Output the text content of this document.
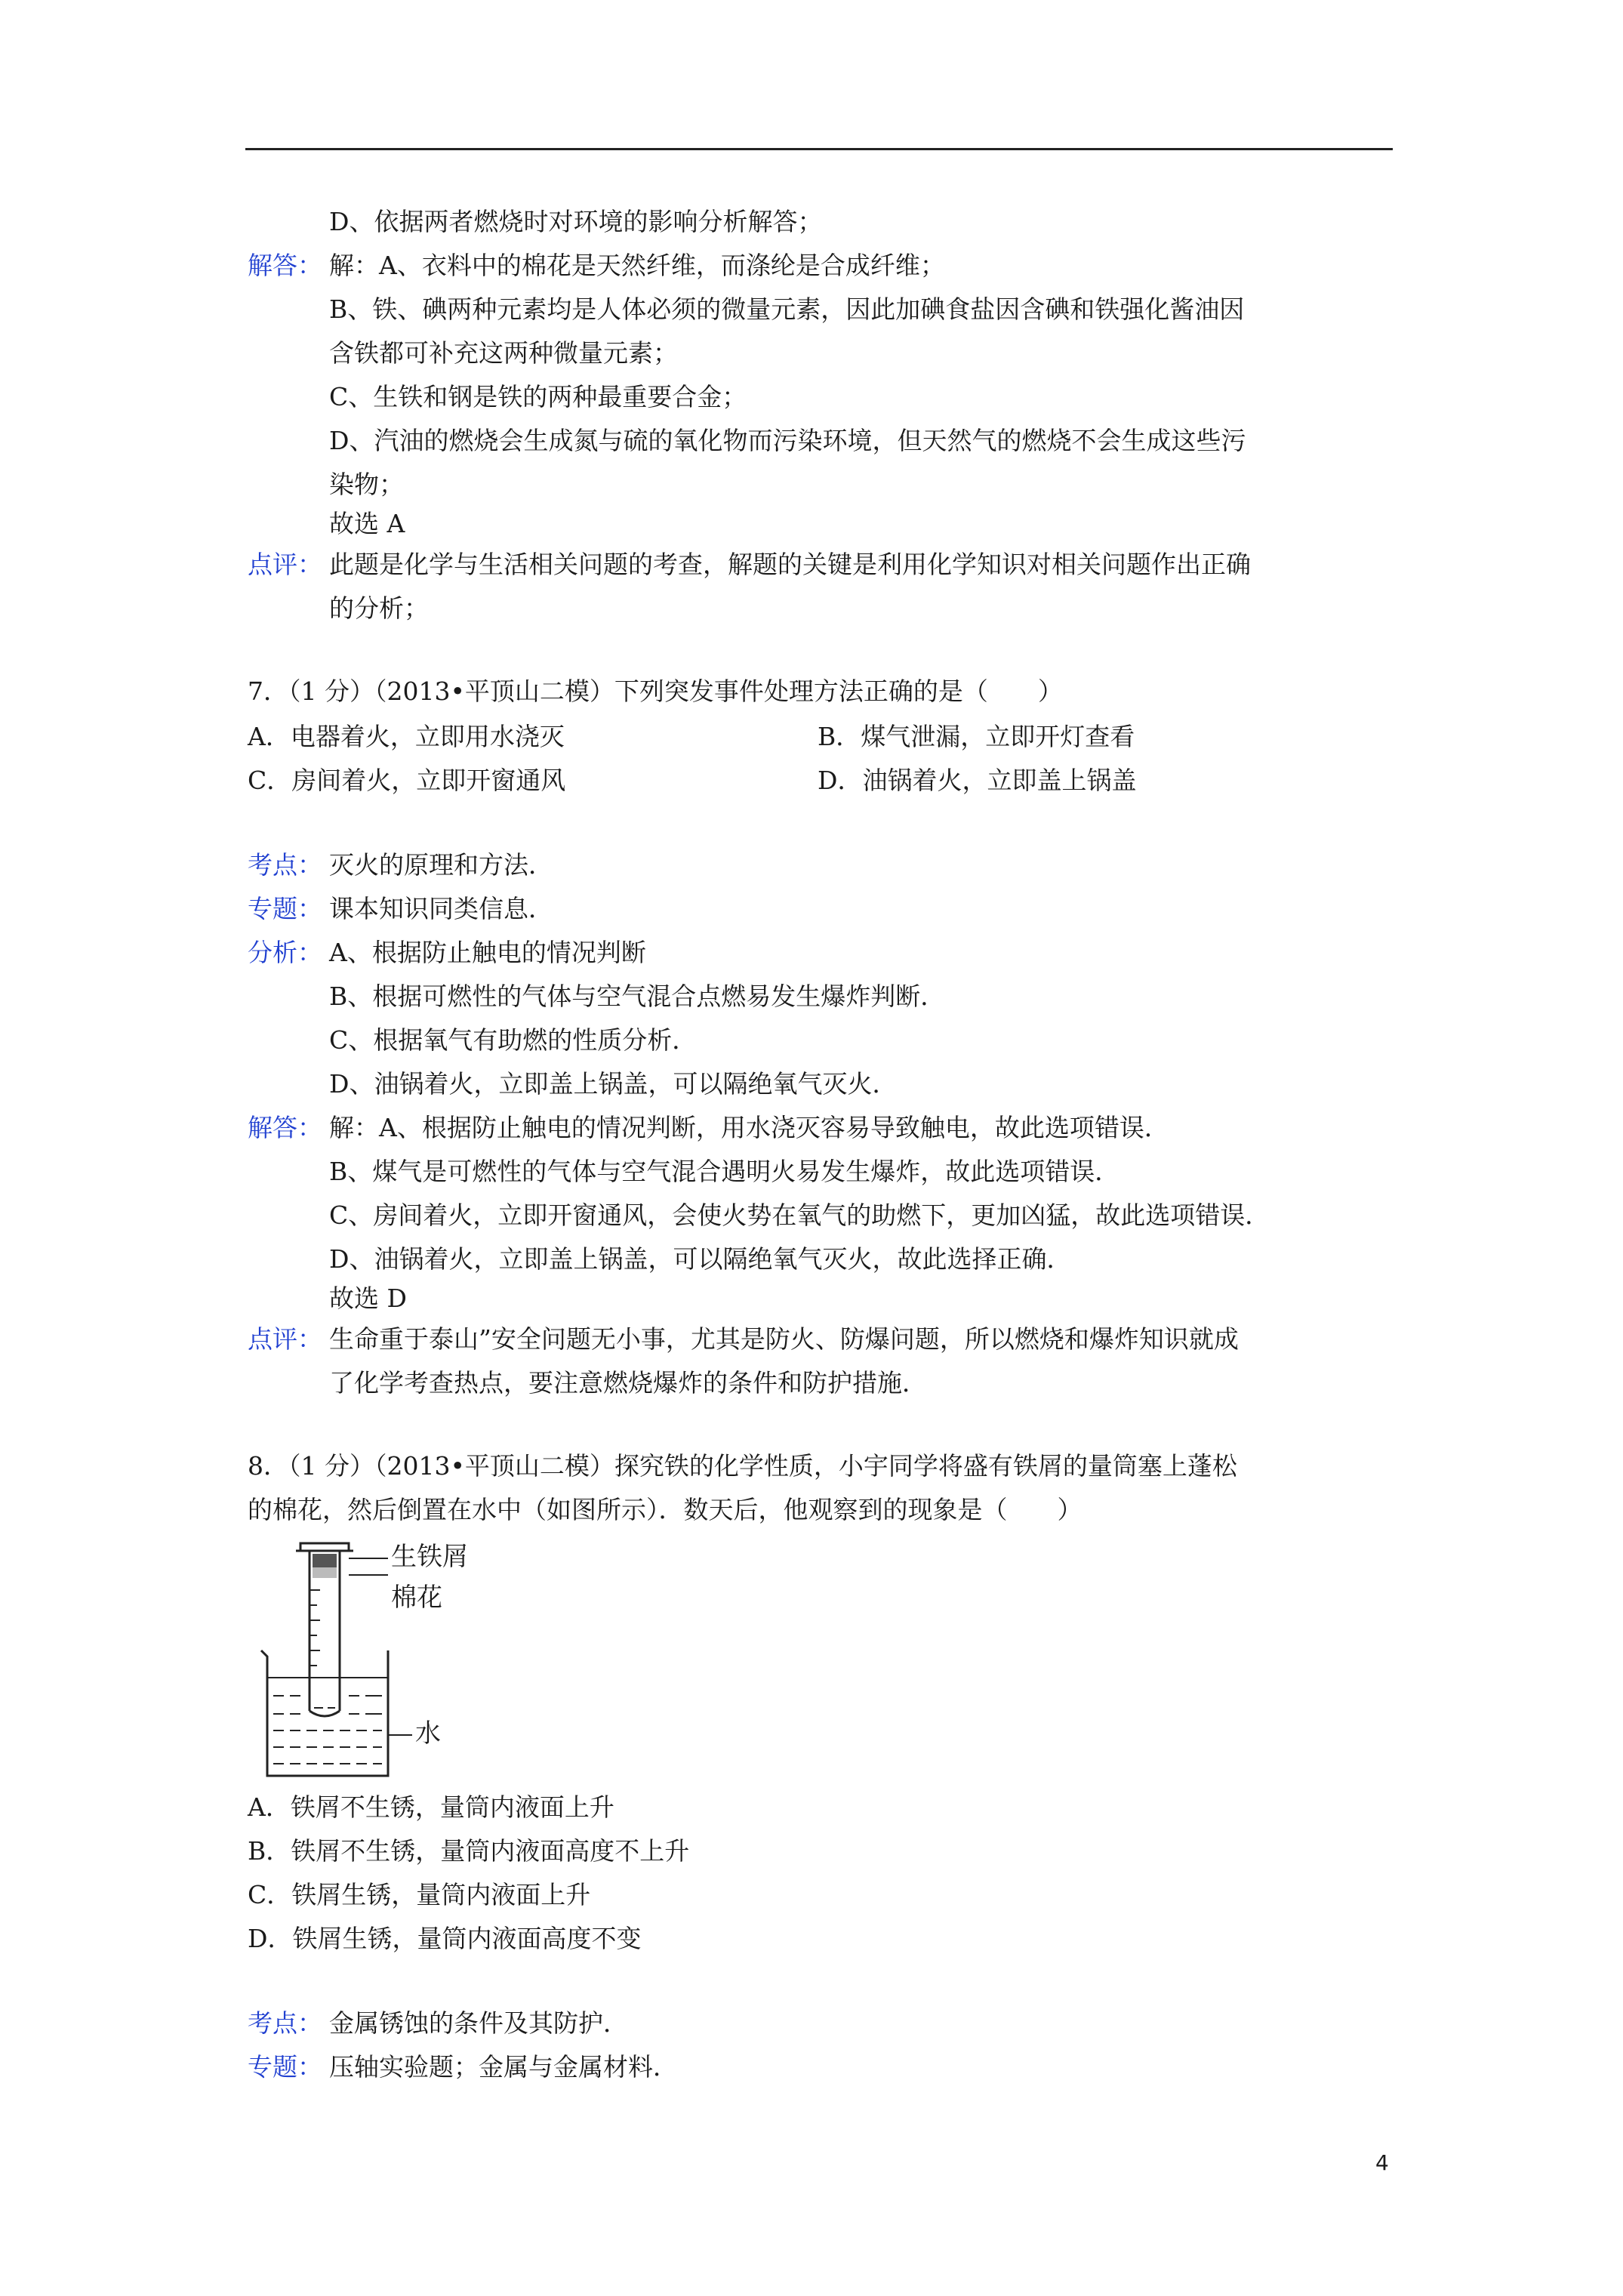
D、依据两者燃烧时对环境的影响分析解答；
解答： 解：A、衣料中的棉花是天然纤维，而涤纶是合成纤维；
B、铁、碘两种元素均是人体必须的微量元素，因此加碘食盐因含碘和铁强化酱油因
含铁都可补充这两种微量元素；
C、生铁和钢是铁的两种最重要合金；
D、汽油的燃烧会生成氮与硫的氧化物而污染环境，但天然气的燃烧不会生成这些污
染物；
故选 A
点评： 此题是化学与生活相关问题的考查，解题的关键是利用化学知识对相关问题作出正确
的分析；
7．（1 分）（2013•平顶山二模）下列突发事件处理方法正确的是（　　）
A．电器着火，立即用水浇灭	B．煤气泄漏，立即开灯查看
C．房间着火，立即开窗通风	D．油锅着火，立即盖上锅盖
考点： 灭火的原理和方法．
专题： 课本知识同类信息．
分析： A、根据防止触电的情况判断
B、根据可燃性的气体与空气混合点燃易发生爆炸判断．
C、根据氧气有助燃的性质分析．
D、油锅着火，立即盖上锅盖，可以隔绝氧气灭火．
解答： 解：A、根据防止触电的情况判断，用水浇灭容易导致触电，故此选项错误．
B、煤气是可燃性的气体与空气混合遇明火易发生爆炸，故此选项错误．
C、房间着火，立即开窗通风，会使火势在氧气的助燃下，更加凶猛，故此选项错误．
D、油锅着火，立即盖上锅盖，可以隔绝氧气灭火，故此选择正确．
故选 D
点评： 生命重于泰山”安全问题无小事，尤其是防火、防爆问题，所以燃烧和爆炸知识就成
了化学考查热点，要注意燃烧爆炸的条件和防护措施．
8．（1 分）（2013•平顶山二模）探究铁的化学性质，小宇同学将盛有铁屑的量筒塞上蓬松
的棉花，然后倒置在水中（如图所示）．数天后，他观察到的现象是（　　）
生铁屑
棉花
水
A．铁屑不生锈，量筒内液面上升
B．铁屑不生锈，量筒内液面高度不上升
C．铁屑生锈，量筒内液面上升
D．铁屑生锈，量筒内液面高度不变
考点： 金属锈蚀的条件及其防护．
专题： 压轴实验题；金属与金属材料．
4
